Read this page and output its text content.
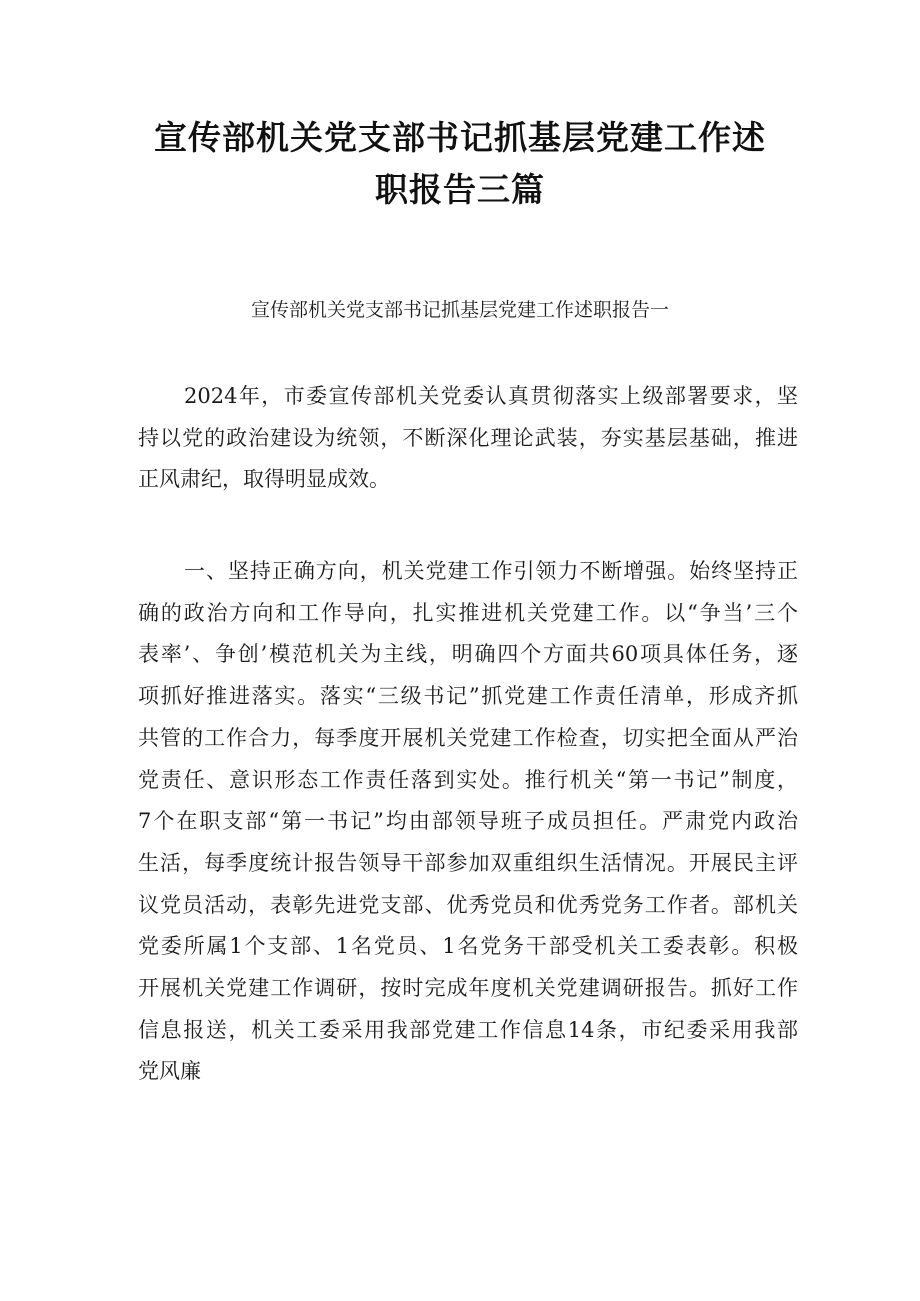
宣传部机关党支部书记抓基层党建工作述
职报告三篇
宣传部机关党支部书记抓基层党建工作述职报告一

2024年，市委宣传部机关党委认真贯彻落实上级部署要求，坚
持以党的政治建设为统领，不断深化理论武装，夯实基层基础，推进
正风肃纪，取得明显成效。

一、坚持正确方向，机关党建工作引领力不断增强。始终坚持正
确的政治方向和工作导向，扎实推进机关党建工作。以“争当’三个
表率’、争创’模范机关为主线，明确四个方面共60项具体任务，逐
项抓好推进落实。落实“三级书记”抓党建工作责任清单，形成齐抓
共管的工作合力，每季度开展机关党建工作检查，切实把全面从严治
党责任、意识形态工作责任落到实处。推行机关“第一书记”制度，
7个在职支部“第一书记”均由部领导班子成员担任。严肃党内政治
生活，每季度统计报告领导干部参加双重组织生活情况。开展民主评
议党员活动，表彰先进党支部、优秀党员和优秀党务工作者。部机关
党委所属1个支部、1名党员、1名党务干部受机关工委表彰。积极
开展机关党建工作调研，按时完成年度机关党建调研报告。抓好工作
信息报送，机关工委采用我部党建工作信息14条，市纪委采用我部
党风廉
